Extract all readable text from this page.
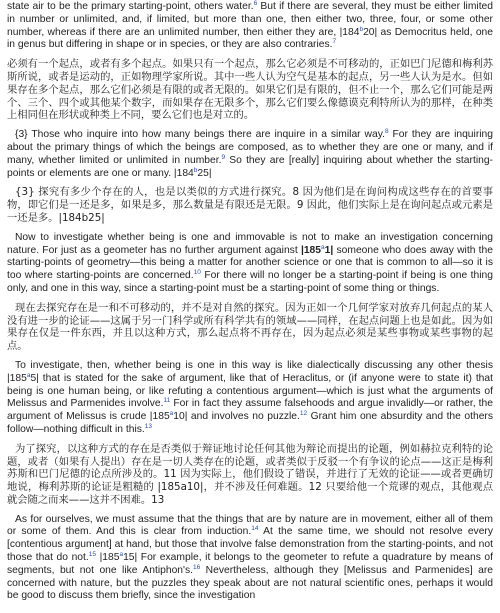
state air to be the primary starting-point, others water.$^6$ But if there are several, they must be either limited in number or unlimited, and, if limited, but more than one, then either two, three, four, or some other number, whereas if there are an unlimited number, then either they are, |184$^b$20| as Democritus held, one in genus but differing in shape or in species, or they are also contraries.$^7$

必须有一个起点，或者有多个起点。如果只有一个起点，那么它必须是不可移动的，正如巴门尼德和梅利苏斯所说，或者是运动的，正如物理学家所说。其中一些人认为空气是基本的起点，另一些人认为是水。但如果存在多个起点，那么它们必须是有限的或者无限的。如果它们是有限的，但不止一个，那么它们可能是两个、三个、四个或其他某个数字，而如果存在无限多个，那么它们要么像德谟克利特所认为的那样，在种类上相同但在形状或种类上不同，要么它们也是对立的。

{3} Those who inquire into how many beings there are inquire in a similar way.$^8$ For they are inquiring about the primary things of which the beings are composed, as to whether they are one or many, and if many, whether limited or unlimited in number.$^9$ So they are [really] inquiring about whether the starting-points or elements are one or many. |184$^b$25|

{3} 探究有多少个存在的人，也是以类似的方式进行探究。8 因为他们是在询问构成这些存在的首要事物，即它们是一还是多，如果是多，那么数量是有限还是无限。9 因此，他们实际上是在询问起点或元素是一还是多。|184b25|

Now to investigate whether being is one and immovable is not to make an investigation concerning nature. For just as a geometer has no further argument against |185$^a$1| someone who does away with the starting-points of geometry—this being a matter for another science or one that is common to all—so it is too where starting-points are concerned.$^{10}$ For there will no longer be a starting-point if being is one thing only, and one in this way, since a starting-point must be a starting-point of some thing or things.

现在去探究存在是一和不可移动的，并不是对自然的探究。因为正如一个几何学家对放弃几何起点的某人没有进一步的论证——这属于另一门科学或所有科学共有的领域——同样，在起点问题上也是如此。因为如果存在仅是一件东西，并且以这种方式，那么起点将不再存在，因为起点必须是某些事物或某些事物的起点。

To investigate, then, whether being is one in this way is like dialectically discussing any other thesis |185$^a$5| that is stated for the sake of argument, like that of Heraclitus, or (if anyone were to state it) that being is one human being, or like refuting a contentious argument—which is just what the arguments of Melissus and Parmenides involve.$^{11}$ For in fact they assume falsehoods and argue invalidly—or rather, the argument of Melissus is crude |185$^a$10| and involves no puzzle.$^{12}$ Grant him one absurdity and the others follow—nothing difficult in this.$^{13}$

为了探究，以这种方式的存在是否类似于辩证地讨论任何其他为辩论而提出的论题，例如赫拉克利特的论题，或者（如果有人提出）存在是一切人类存在的论题，或者类似于反驳一个有争议的论点——这正是梅利苏斯和巴门尼德的论点所涉及的。11 因为实际上，他们假设了错误，并进行了无效的论证——或者更确切地说，梅利苏斯的论证是粗糙的 |185a10|，并不涉及任何难题。12 只要给他一个荒谬的观点，其他观点就会随之而来——这并不困难。13

As for ourselves, we must assume that the things that are by nature are in movement, either all of them or some of them. And this is clear from induction.$^{14}$ At the same time, we should not resolve every [contentious argument] at hand, but those that involve false demonstration from the starting-points, and not those that do not.$^{15}$ |185$^a$15| For example, it belongs to the geometer to refute a quadrature by means of segments, but not one like Antiphon's.$^{16}$ Nevertheless, although they [Melissus and Parmenides] are concerned with nature, but the puzzles they speak about are not natural scientific ones, perhaps it would be good to discuss them briefly, since the investigation
